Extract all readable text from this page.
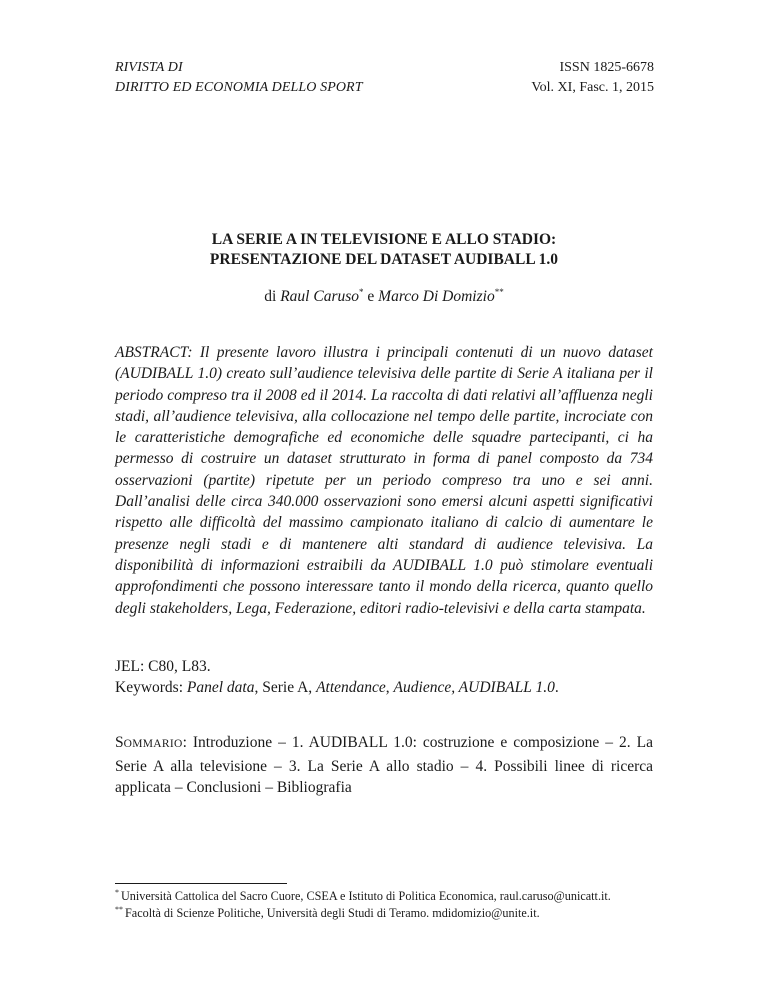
RIVISTA DI
DIRITTO ED ECONOMIA DELLO SPORT
ISSN 1825-6678
Vol. XI, Fasc. 1, 2015
LA SERIE A IN TELEVISIONE E ALLO STADIO:
PRESENTAZIONE DEL DATASET AUDIBALL 1.0
di Raul Caruso* e Marco Di Domizio**
ABSTRACT: Il presente lavoro illustra i principali contenuti di un nuovo dataset (AUDIBALL 1.0) creato sull’audience televisiva delle partite di Serie A italiana per il periodo compreso tra il 2008 ed il 2014. La raccolta di dati relativi all’affluenza negli stadi, all’audience televisiva, alla collocazione nel tempo delle partite, incrociate con le caratteristiche demografiche ed economiche delle squadre partecipanti, ci ha permesso di costruire un dataset strutturato in forma di panel composto da 734 osservazioni (partite) ripetute per un periodo compreso tra uno e sei anni. Dall’analisi delle circa 340.000 osservazioni sono emersi alcuni aspetti significativi rispetto alle difficoltà del massimo campionato italiano di calcio di aumentare le presenze negli stadi e di mantenere alti standard di audience televisiva. La disponibilità di informazioni estraibili da AUDIBALL 1.0 può stimolare eventuali approfondimenti che possono interessare tanto il mondo della ricerca, quanto quello degli stakeholders, Lega, Federazione, editori radio-televisivi e della carta stampata.
JEL: C80, L83.
Keywords: Panel data, Serie A, Attendance, Audience, AUDIBALL 1.0.
SOMMARIO: Introduzione – 1. AUDIBALL 1.0: costruzione e composizione – 2. La Serie A alla televisione – 3. La Serie A allo stadio – 4. Possibili linee di ricerca applicata – Conclusioni – Bibliografia
* Università Cattolica del Sacro Cuore, CSEA e Istituto di Politica Economica, raul.caruso@unicatt.it.
** Facoltà di Scienze Politiche, Università degli Studi di Teramo. mdidomizio@unite.it.
